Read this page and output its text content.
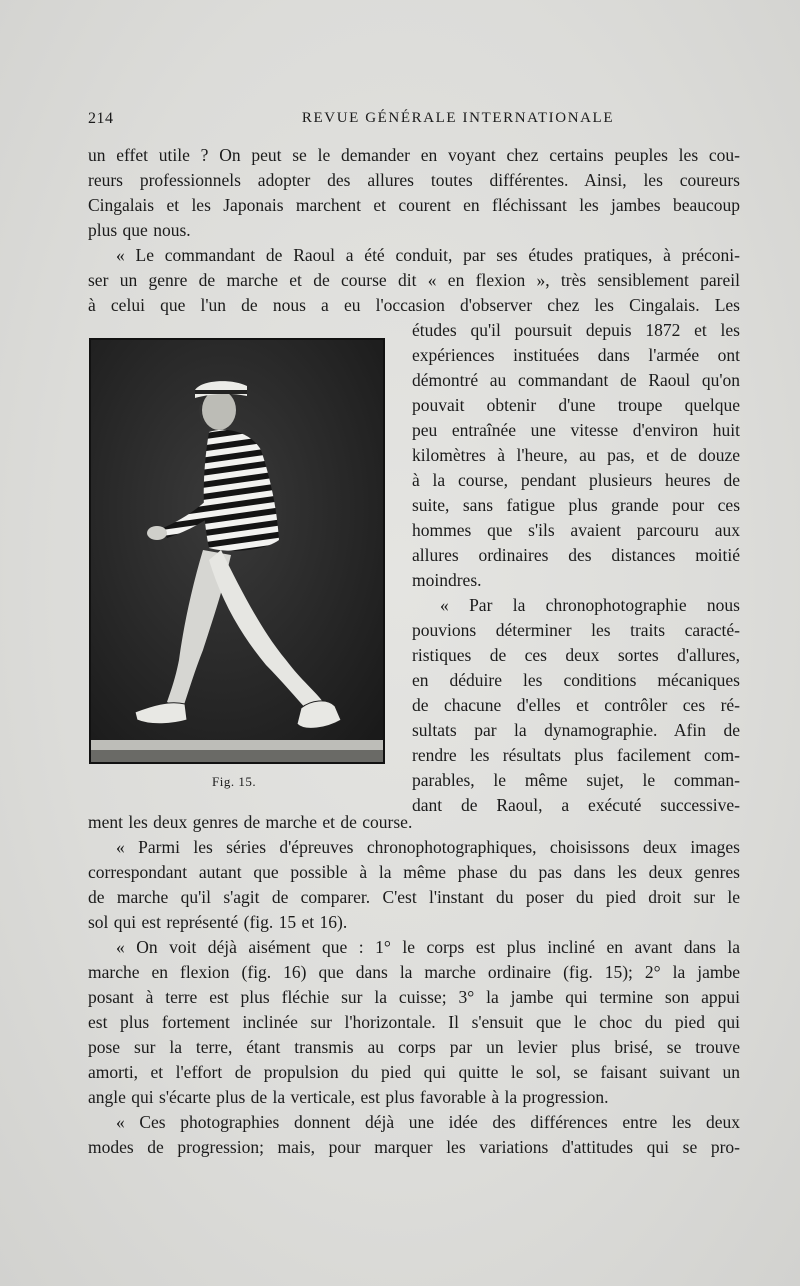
214	REVUE GÉNÉRALE INTERNATIONALE

un effet utile ? On peut se le demander en voyant chez certains peuples les cou-
reurs professionnels adopter des allures toutes différentes. Ainsi, les coureurs
Cingalais et les Japonais marchent et courent en fléchissant les jambes beaucoup
plus que nous.
« Le commandant de Raoul a été conduit, par ses études pratiques, à préconi-
ser un genre de marche et de course dit « en flexion », très sensiblement pareil
à celui que l'un de nous a eu l'occasion d'observer chez les Cingalais. Les

études qu'il poursuit depuis 1872 et les
expériences instituées dans l'armée ont
démontré au commandant de Raoul qu'on
pouvait obtenir d'une troupe quelque
peu entraînée une vitesse d'environ huit
kilomètres à l'heure, au pas, et de douze
à la course, pendant plusieurs heures de
suite, sans fatigue plus grande pour ces
hommes que s'ils avaient parcouru aux
allures ordinaires des distances moitié
moindres.
« Par la chronophotographie nous
pouvions déterminer les traits caracté-
ristiques de ces deux sortes d'allures,
en déduire les conditions mécaniques
de chacune d'elles et contrôler ces ré-
sultats par la dynamographie. Afin de
rendre les résultats plus facilement com-
parables, le même sujet, le comman-
dant de Raoul, a exécuté successive-

Fig. 15.

ment les deux genres de marche et de course.
« Parmi les séries d'épreuves chronophotographiques, choisissons deux images
correspondant autant que possible à la même phase du pas dans les deux genres
de marche qu'il s'agit de comparer. C'est l'instant du poser du pied droit sur le
sol qui est représenté (fig. 15 et 16).
« On voit déjà aisément que : 1° le corps est plus incliné en avant dans la
marche en flexion (fig. 16) que dans la marche ordinaire (fig. 15); 2° la jambe
posant à terre est plus fléchie sur la cuisse; 3° la jambe qui termine son appui
est plus fortement inclinée sur l'horizontale. Il s'ensuit que le choc du pied qui
pose sur la terre, étant transmis au corps par un levier plus brisé, se trouve
amorti, et l'effort de propulsion du pied qui quitte le sol, se faisant suivant un
angle qui s'écarte plus de la verticale, est plus favorable à la progression.
« Ces photographies donnent déjà une idée des différences entre les deux
modes de progression; mais, pour marquer les variations d'attitudes qui se pro-
